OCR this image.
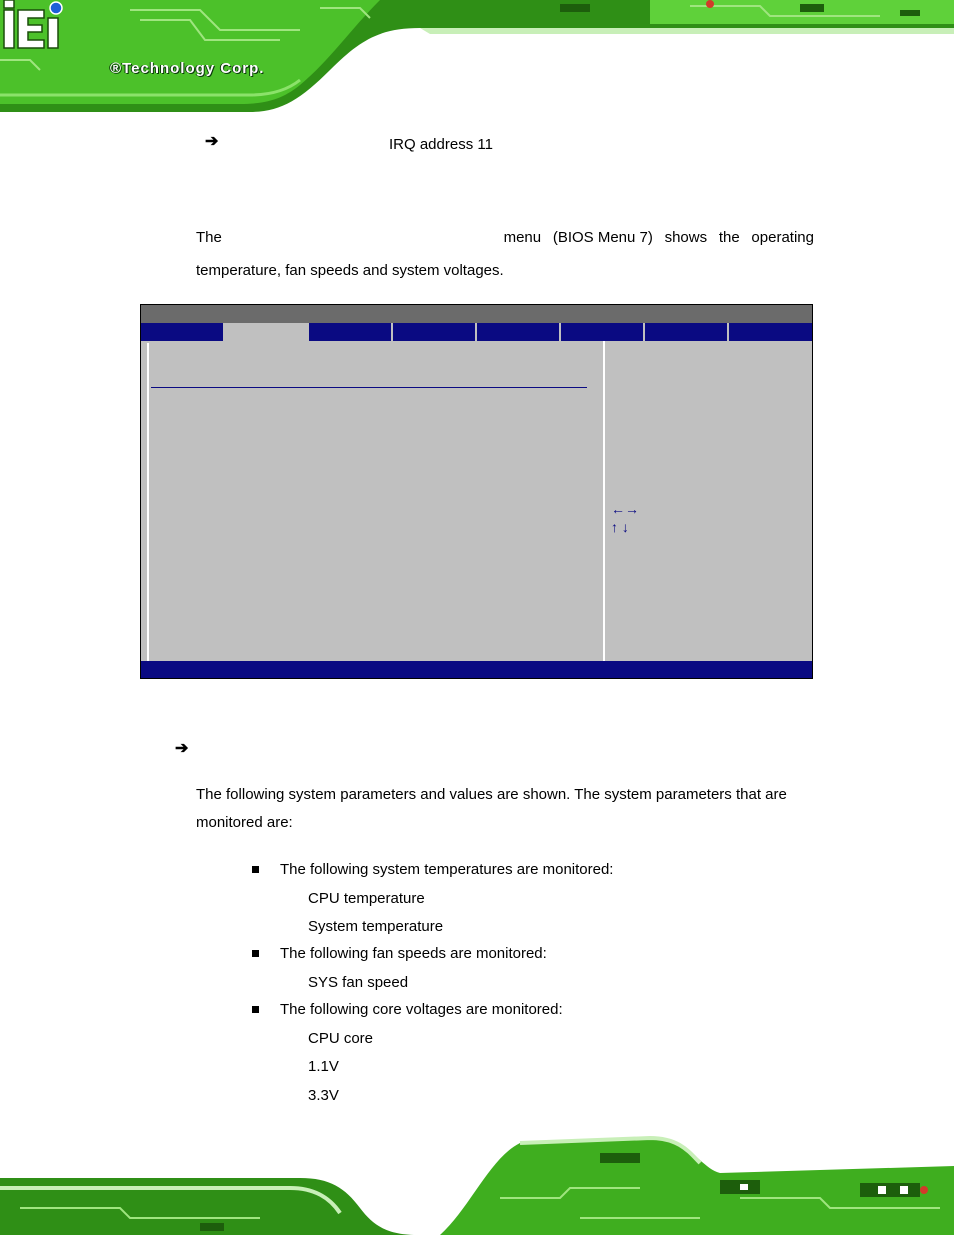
®Technology Corp.
➔	IRQ address 11
The	menu (BIOS Menu 7) shows the operating
temperature, fan speeds and system voltages.
←→
↑ ↓
➔
The following system parameters and values are shown. The system parameters that are
monitored are:
The following system temperatures are monitored:
CPU temperature
System temperature
The following fan speeds are monitored:
SYS fan speed
The following core voltages are monitored:
CPU core
1.1V
3.3V
